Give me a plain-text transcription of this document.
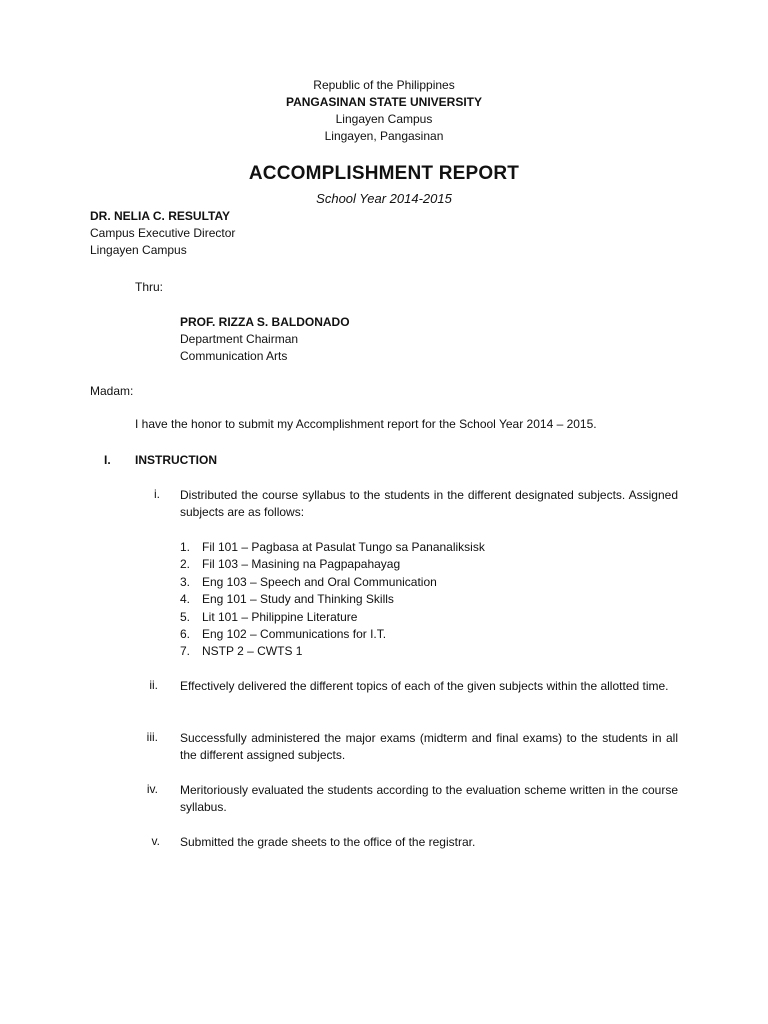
Republic of the Philippines
PANGASINAN STATE UNIVERSITY
Lingayen Campus
Lingayen, Pangasinan
ACCOMPLISHMENT REPORT
School Year 2014-2015
DR. NELIA C. RESULTAY
Campus Executive Director
Lingayen Campus
Thru:
PROF. RIZZA S. BALDONADO
Department Chairman
Communication Arts
Madam:
I have the honor to submit my Accomplishment report for the School Year 2014 – 2015.
I. INSTRUCTION
i. Distributed the course syllabus to the students in the different designated subjects. Assigned subjects are as follows:
1. Fil 101 – Pagbasa at Pasulat Tungo sa Pananaliksisk
2. Fil 103 – Masining na Pagpapahayag
3. Eng 103 – Speech and Oral Communication
4. Eng 101 – Study and Thinking Skills
5. Lit 101 – Philippine Literature
6. Eng 102 – Communications for I.T.
7. NSTP 2 – CWTS 1
ii. Effectively delivered the different topics of each of the given subjects within the allotted time.
iii. Successfully administered the major exams (midterm and final exams) to the students in all the different assigned subjects.
iv. Meritoriously evaluated the students according to the evaluation scheme written in the course syllabus.
v. Submitted the grade sheets to the office of the registrar.
